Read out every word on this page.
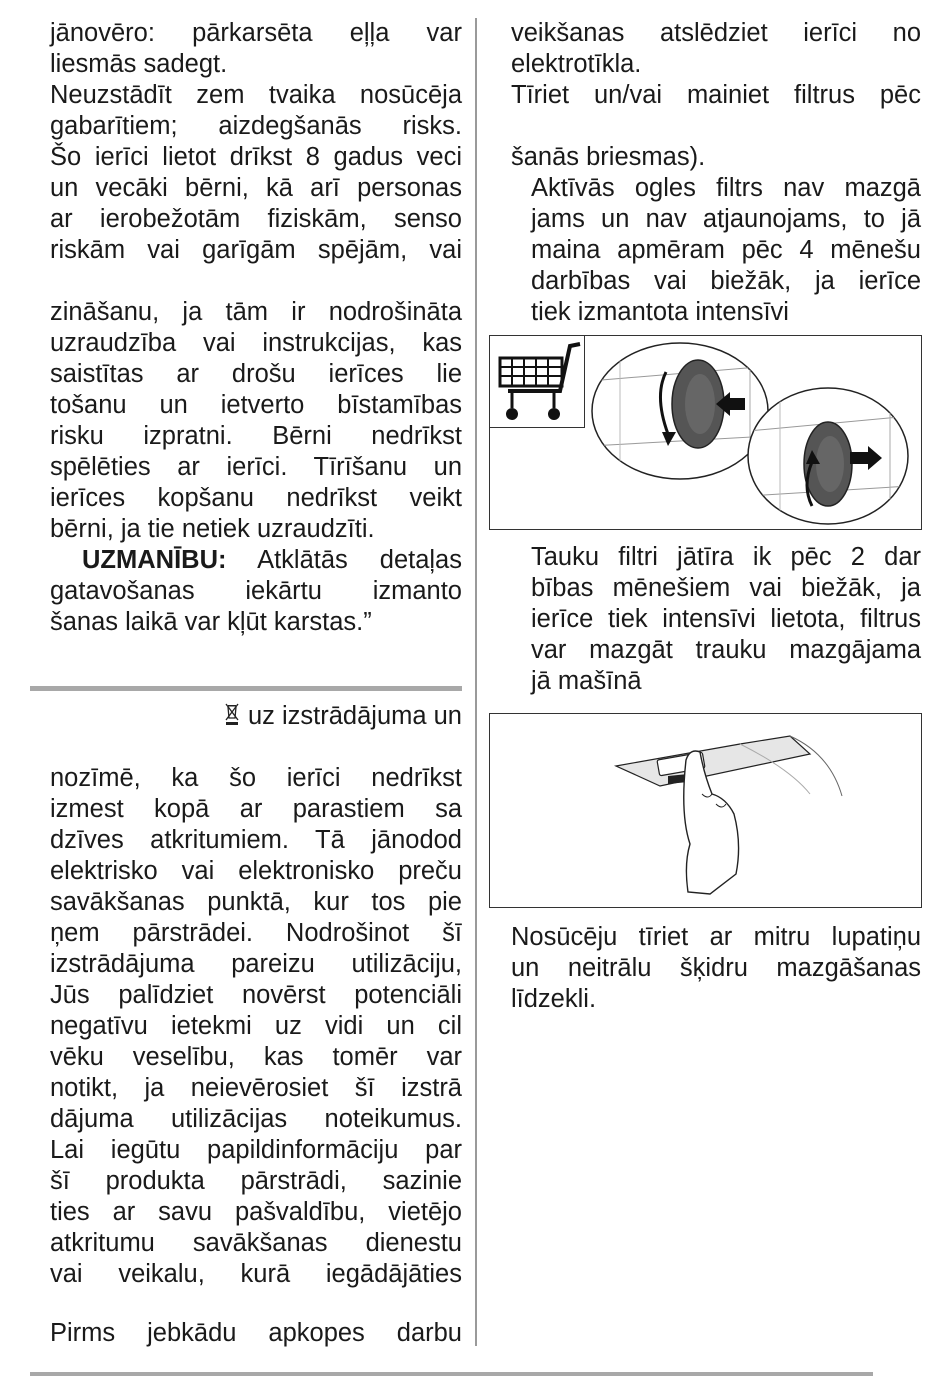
jānovēro: pārkarsēta eļļa var
liesmās sadegt.
Neuzstādīt zem tvaika nosūcēja
gabarītiem; aizdegšanās risks.
Šo ierīci lietot drīkst 8 gadus veci
un vecāki bērni, kā arī personas
ar ierobežotām fiziskām, senso
riskām vai garīgām spējām, vai
zināšanu, ja tām ir nodrošināta
uzraudzība vai instrukcijas, kas
saistītas ar drošu ierīces lie
tošanu un ietverto bīstamības
risku izpratni. Bērni nedrīkst
spēlēties ar ierīci. Tīrīšanu un
ierīces kopšanu nedrīkst veikt
bērni, ja tie netiek uzraudzīti.
UZMANĪBU: Atklātās detaļas
gatavošanas iekārtu izmanto
šanas laikā var kļūt karstas.”
uz izstrādājuma un
nozīmē, ka šo ierīci nedrīkst
izmest kopā ar parastiem sa
dzīves atkritumiem. Tā jānodod
elektrisko vai elektronisko preču
savākšanas punktā, kur tos pie
ņem pārstrādei. Nodrošinot šī
izstrādājuma pareizu utilizāciju,
Jūs palīdziet novērst potenciāli
negatīvu ietekmi uz vidi un cil
vēku veselību, kas tomēr var
notikt, ja neievērosiet šī izstrā
dājuma utilizācijas noteikumus.
Lai iegūtu papildinformāciju par
šī produkta pārstrādi, sazinie
ties ar savu pašvaldību, vietējo
atkritumu savākšanas dienestu
vai veikalu, kurā iegādājāties
Pirms jebkādu apkopes darbu
veikšanas atslēdziet ierīci no
elektrotīkla.
Tīriet un/vai mainiet filtrus pēc
šanās briesmas).
Aktīvās ogles filtrs nav mazgā
jams un nav atjaunojams, to jā
maina apmēram pēc 4 mēnešu
darbības vai biežāk, ja ierīce
tiek izmantota intensīvi
Tauku filtri jātīra ik pēc 2 dar
bības mēnešiem vai biežāk, ja
ierīce tiek intensīvi lietota, filtrus
var mazgāt trauku mazgājama
jā mašīnā
Nosūcēju tīriet ar mitru lupatiņu
un neitrālu šķidru mazgāšanas
līdzekli.
